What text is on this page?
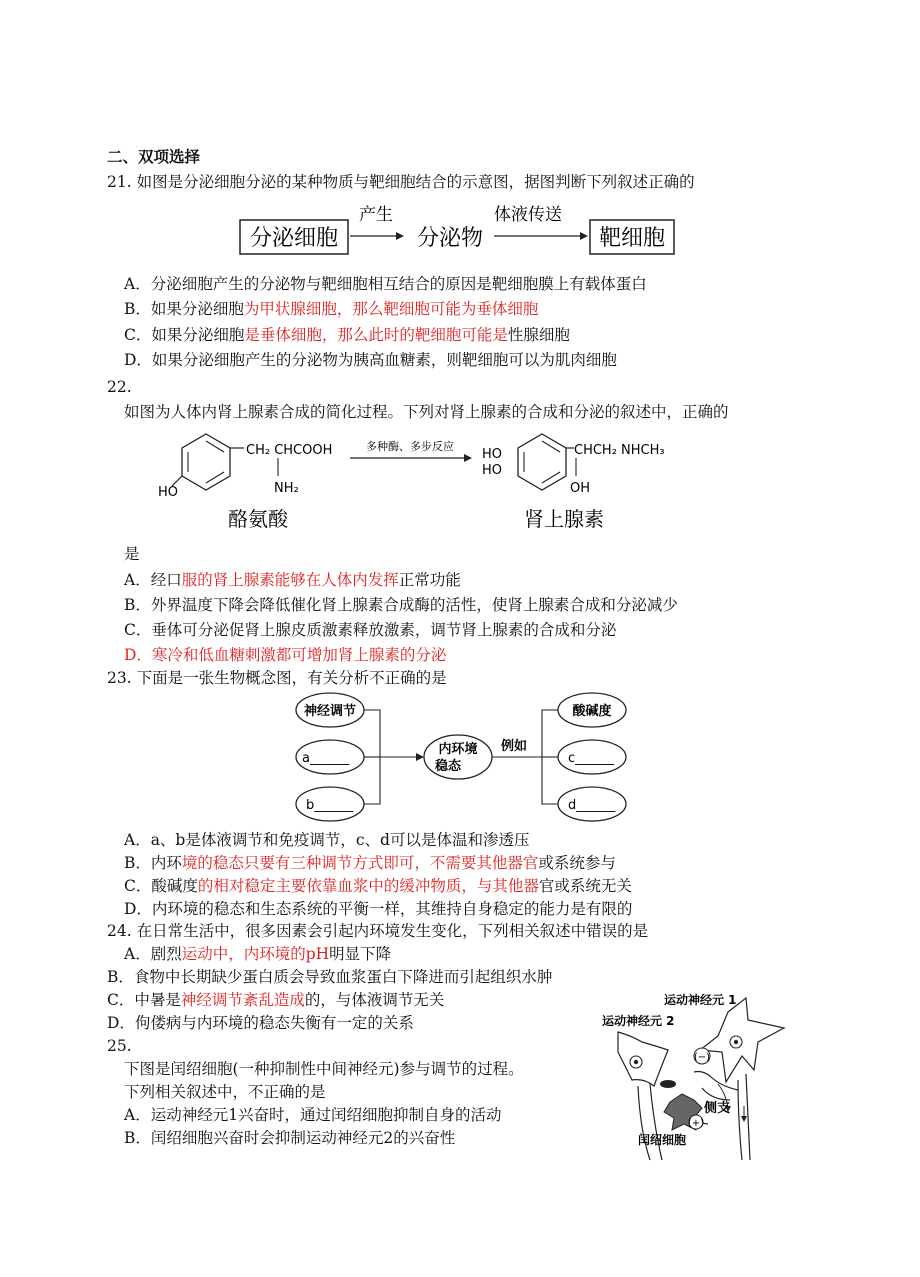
二、双项选择
21. 如图是分泌细胞分泌的某种物质与靶细胞结合的示意图，据图判断下列叙述正确的
分泌细胞
产生
分泌物
体液传送
靶细胞
A．分泌细胞产生的分泌物与靶细胞相互结合的原因是靶细胞膜上有载体蛋白
B．如果分泌细胞为甲状腺细胞，那么靶细胞可能为垂体细胞
C．如果分泌细胞是垂体细胞，那么此时的靶细胞可能是性腺细胞
D．如果分泌细胞产生的分泌物为胰高血糖素，则靶细胞可以为肌肉细胞
22.
如图为人体内肾上腺素合成的简化过程。下列对肾上腺素的合成和分泌的叙述中，正确的
HO
CH₂ CHCOOH
NH₂
多种酶、多步反应
HO
HO
CHCH₂ NHCH₃
OH
酪氨酸	肾上腺素
是
A．经口服的肾上腺素能够在人体内发挥正常功能
B．外界温度下降会降低催化肾上腺素合成酶的活性，使肾上腺素合成和分泌减少
C．垂体可分泌促肾上腺皮质激素释放激素，调节肾上腺素的合成和分泌
D．寒冷和低血糖刺激都可增加肾上腺素的分泌
23. 下面是一张生物概念图，有关分析不正确的是
神经调节
a______
b______
内环境
稳态
例如
酸碱度
c______
d______
A．a、b是体液调节和免疫调节，c、d可以是体温和渗透压
B．内环境的稳态只要有三种调节方式即可，不需要其他器官或系统参与
C．酸碱度的相对稳定主要依靠血浆中的缓冲物质，与其他器官或系统无关
D．内环境的稳态和生态系统的平衡一样，其维持自身稳定的能力是有限的
24. 在日常生活中，很多因素会引起内环境发生变化，下列相关叙述中错误的是
A．剧烈运动中，内环境的pH明显下降
B．食物中长期缺少蛋白质会导致血浆蛋白下降进而引起组织水肿
C．中暑是神经调节紊乱造成的，与体液调节无关
D．佝偻病与内环境的稳态失衡有一定的关系
25.
下图是闰绍细胞(一种抑制性中间神经元)参与调节的过程。
下列相关叙述中，不正确的是
A．运动神经元1兴奋时，通过闰绍细胞抑制自身的活动
B．闰绍细胞兴奋时会抑制运动神经元2的兴奋性
运动神经元 1
运动神经元 2
(−)
(+)
侧支
闰绍细胞
